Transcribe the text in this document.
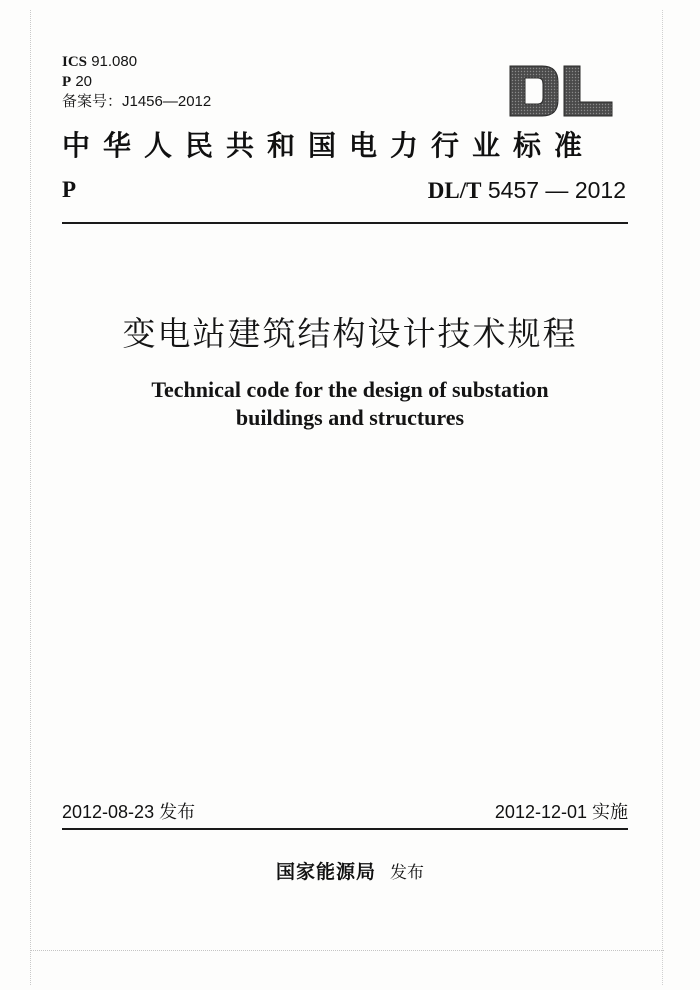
ICS 91.080
P 20
备案号：J1456—2012
中华人民共和国电力行业标准
P	DL/T 5457 — 2012
变电站建筑结构设计技术规程
Technical code for the design of substation
buildings and structures
2012-08-23 发布	2012-12-01 实施
国家能源局 发布
